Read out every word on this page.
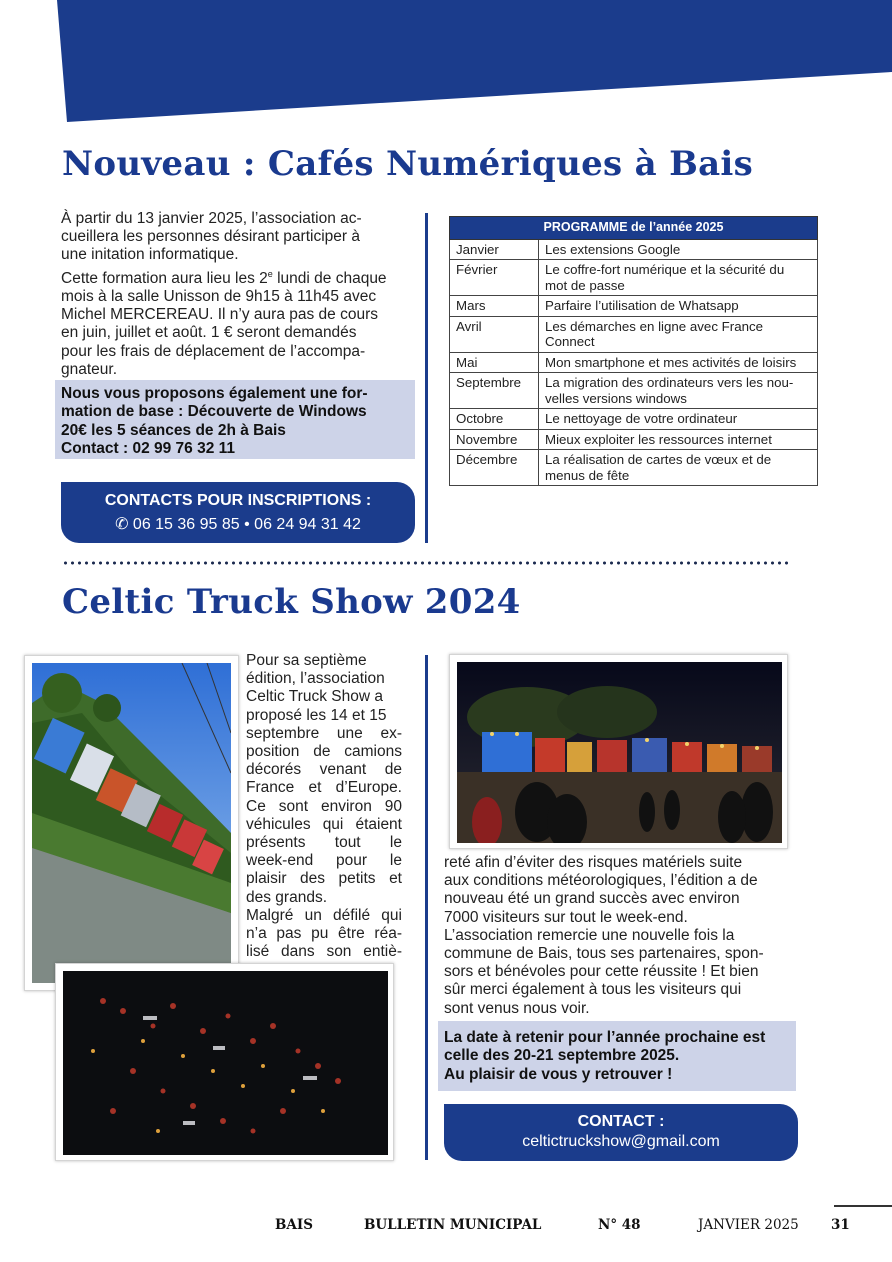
Nouveau : Cafés Numériques à Bais

À partir du 13 janvier 2025, l’association ac-

cueillera les personnes désirant participer à

une initation informatique.

Cette formation aura lieu les 2e lundi de chaque

mois à la salle Unisson de 9h15 à 11h45 avec

Michel MERCEREAU. Il n’y aura pas de cours

en juin, juillet et août. 1 € seront demandés

pour les frais de déplacement de l’accompa-

gnateur.

Nous vous proposons également une for-
mation de base : Découverte de Windows
20€ les 5 séances de 2h à Bais
Contact : 02 99 76 32 11
CONTACTS POUR INSCRIPTIONS :
✆ 06 15 36 95 85 • 06 24 94 31 42
PROGRAMME de l’année 2025	
Janvier	Les extensions Google

Février	Le coffre-fort numérique et la sécurité du
mot de passe

Mars	Parfaire l’utilisation de Whatsapp

Avril	Les démarches en ligne avec France
Connect

Mai	Mon smartphone et mes activités de loisirs

Septembre	La migration des ordinateurs vers les nou-
velles versions windows

Octobre	Le nettoyage de votre ordinateur

Novembre	Mieux exploiter les ressources internet

Décembre	La réalisation de cartes de vœux et de
menus de fête
Celtic Truck Show 2024

Pour sa septième

édition, l’association

Celtic Truck Show a

proposé les 14 et 15

septembre une ex-

position de camions

décorés venant de

France et d’Europe.

Ce sont environ 90

véhicules qui étaient

présents tout le

week-end pour le

plaisir des petits et

des grands.

Malgré un défilé qui

n’a pas pu être réa-

lisé dans son entiè-

reté afin d’éviter des risques matériels suite

aux conditions météorologiques, l’édition a de

nouveau été un grand succès avec environ

7000 visiteurs sur tout le week-end.

L’association remercie une nouvelle fois la

commune de Bais, tous ses partenaires, spon-

sors et bénévoles pour cette réussite ! Et bien

sûr merci également à tous les visiteurs qui

sont venus nous voir.

La date à retenir pour l’année prochaine est
celle des 20-21 septembre 2025.
Au plaisir de vous y retrouver !
CONTACT :
celtictruckshow@gmail.com
BAIS	BULLETIN MUNICIPAL	N° 48	JANVIER 2025 31
